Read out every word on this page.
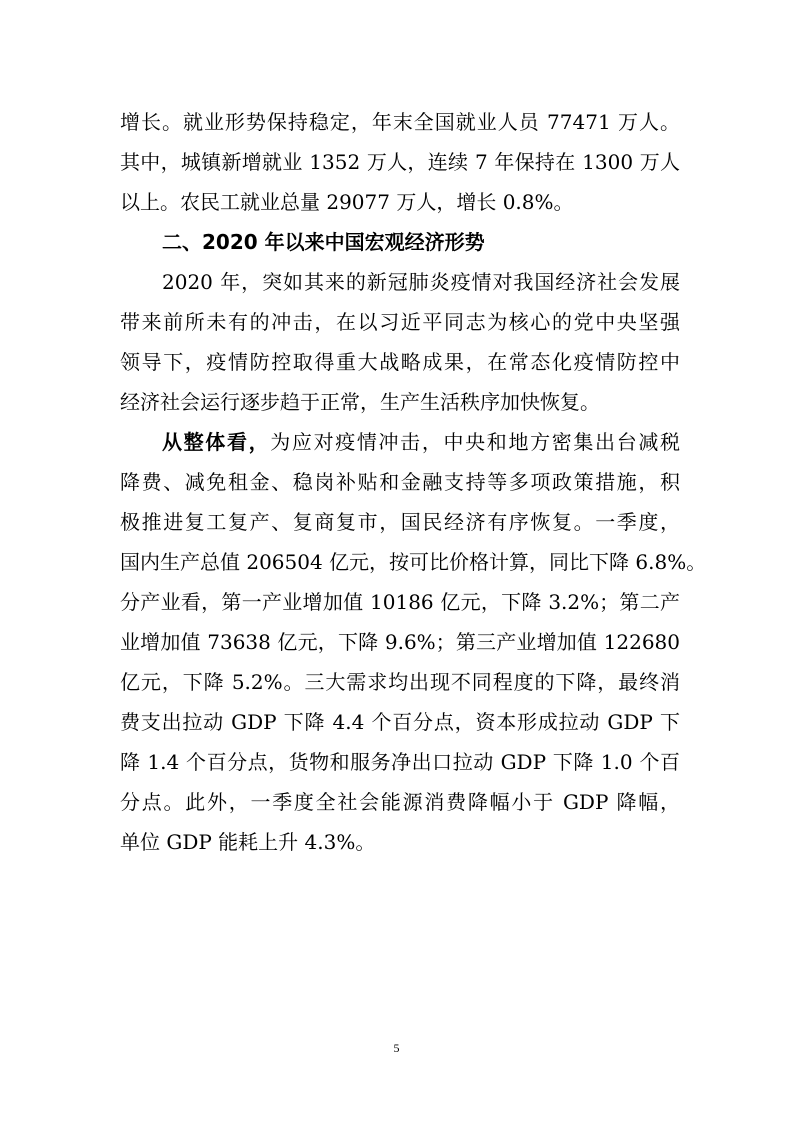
增长。就业形势保持稳定，年末全国就业人员 77471 万人。
其中，城镇新增就业 1352 万人，连续 7 年保持在 1300 万人
以上。农民工就业总量 29077 万人，增长 0.8%。
二、2020 年以来中国宏观经济形势
2020 年，突如其来的新冠肺炎疫情对我国经济社会发展
带来前所未有的冲击，在以习近平同志为核心的党中央坚强
领导下，疫情防控取得重大战略成果，在常态化疫情防控中
经济社会运行逐步趋于正常，生产生活秩序加快恢复。
从整体看，为应对疫情冲击，中央和地方密集出台减税
降费、减免租金、稳岗补贴和金融支持等多项政策措施，积
极推进复工复产、复商复市，国民经济有序恢复。一季度，
国内生产总值 206504 亿元，按可比价格计算，同比下降 6.8%。
分产业看，第一产业增加值 10186 亿元，下降 3.2%；第二产
业增加值 73638 亿元，下降 9.6%；第三产业增加值 122680
亿元，下降 5.2%。三大需求均出现不同程度的下降，最终消
费支出拉动 GDP 下降 4.4 个百分点，资本形成拉动 GDP 下
降 1.4 个百分点，货物和服务净出口拉动 GDP 下降 1.0 个百
分点。此外，一季度全社会能源消费降幅小于 GDP 降幅，
单位 GDP 能耗上升 4.3%。
5
